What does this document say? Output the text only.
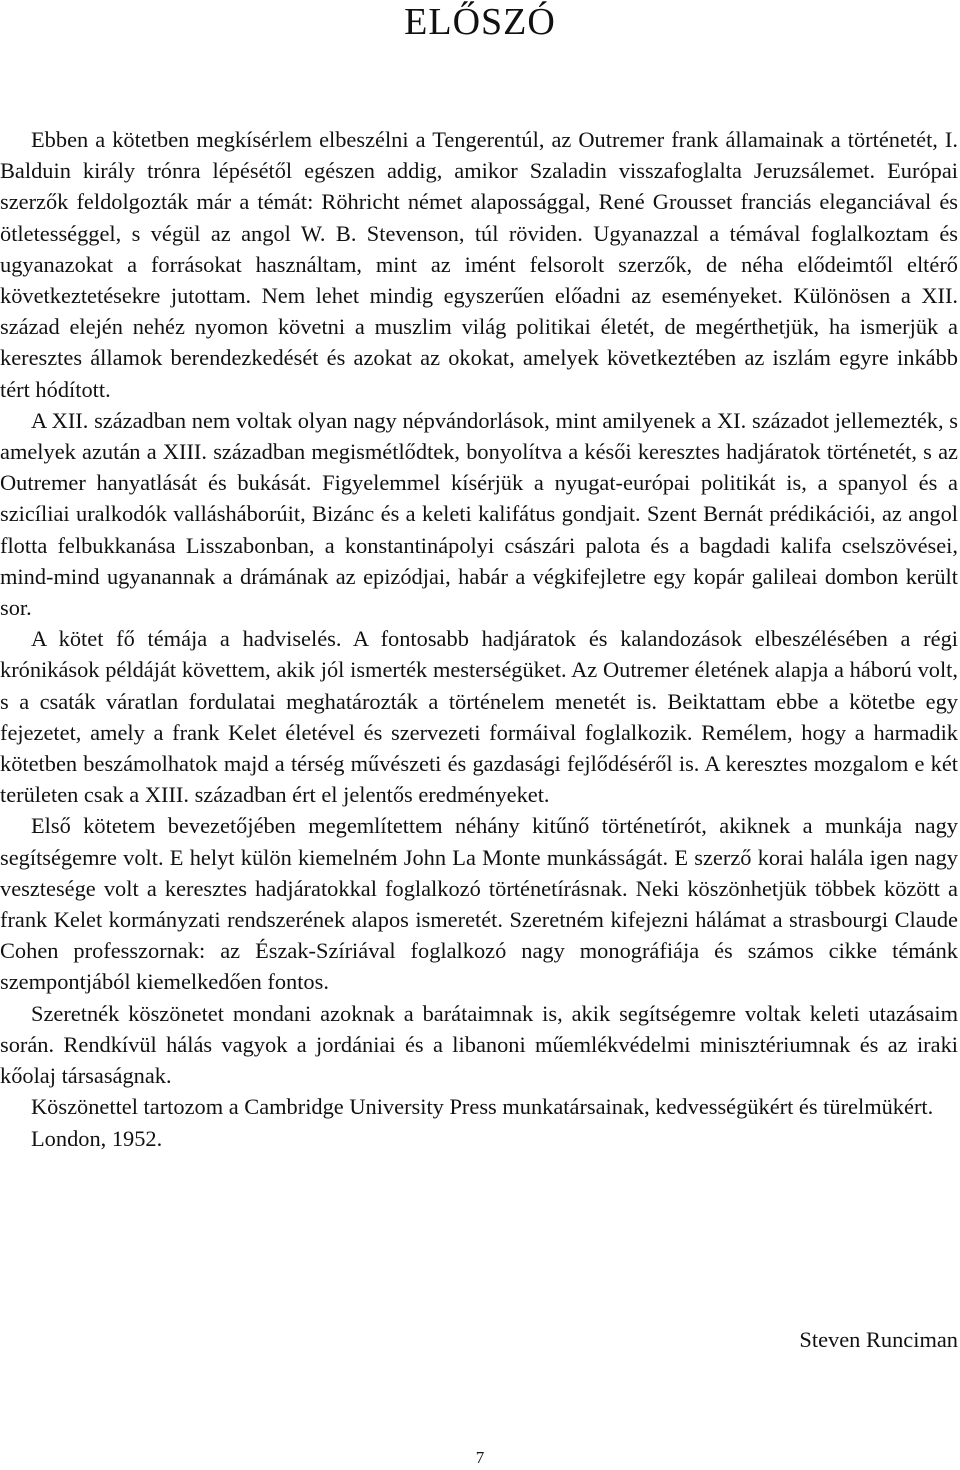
ELŐSZÓ

Ebben a kötetben megkísérlem elbeszélni a Tengerentúl, az Outremer frank államainak a történetét, I. Balduin király trónra lépésétől egészen addig, amikor Szaladin visszafoglalta Jeruzsálemet. Európai szerzők feldolgozták már a témát: Röhricht német alapossággal, René Grousset franciás eleganciával és ötletességgel, s végül az angol W. B. Stevenson, túl röviden. Ugyanazzal a témával foglalkoztam és ugyanazokat a forrásokat használtam, mint az imént felsorolt szerzők, de néha elődeimtől eltérő következtetésekre jutottam. Nem lehet mindig egyszerűen előadni az eseményeket. Különösen a XII. század elején nehéz nyomon követni a muszlim világ politikai életét, de megérthetjük, ha ismerjük a keresztes államok berendezkedését és azokat az okokat, amelyek következtében az iszlám egyre inkább tért hódított.

A XII. században nem voltak olyan nagy népvándorlások, mint amilyenek a XI. századot jellemezték, s amelyek azután a XIII. században megismétlődtek, bonyolítva a késői keresztes hadjáratok történetét, s az Outremer hanyatlását és bukását. Figyelemmel kísérjük a nyugat-európai politikát is, a spanyol és a szicíliai uralkodók vallásháborúit, Bizánc és a keleti kalifátus gondjait. Szent Bernát prédikációi, az angol flotta felbukkanása Lisszabonban, a konstantinápolyi császári palota és a bagdadi kalifa cselszövései, mind-mind ugyanannak a drámának az epizódjai, habár a végkifejletre egy kopár galileai dombon került sor.

A kötet fő témája a hadviselés. A fontosabb hadjáratok és kalandozások elbeszélésében a régi krónikások példáját követtem, akik jól ismerték mesterségüket. Az Outremer életének alapja a háború volt, s a csaták váratlan fordulatai meghatározták a történelem menetét is. Beiktattam ebbe a kötetbe egy fejezetet, amely a frank Kelet életével és szervezeti formáival foglalkozik. Remélem, hogy a harmadik kötetben beszámolhatok majd a térség művészeti és gazdasági fejlődéséről is. A keresztes mozgalom e két területen csak a XIII. században ért el jelentős eredményeket.

Első kötetem bevezetőjében megemlítettem néhány kitűnő történetírót, akiknek a munkája nagy segítségemre volt. E helyt külön kiemelném John La Monte munkásságát. E szerző korai halála igen nagy vesztesége volt a keresztes hadjáratokkal foglalkozó történetírásnak. Neki köszönhetjük többek között a frank Kelet kormányzati rendszerének alapos ismeretét. Szeretném kifejezni hálámat a strasbourgi Claude Cohen professzornak: az Észak-Szíriával foglalkozó nagy monográfiája és számos cikke témánk szempontjából kiemelkedően fontos.

Szeretnék köszönetet mondani azoknak a barátaimnak is, akik segítségemre voltak keleti utazásaim során. Rendkívül hálás vagyok a jordániai és a libanoni műemlékvédelmi minisztériumnak és az iraki kőolaj társaságnak.

Köszönettel tartozom a Cambridge University Press munkatársainak, kedvességükért és türelmükért.

London, 1952.

Steven Runciman
7
